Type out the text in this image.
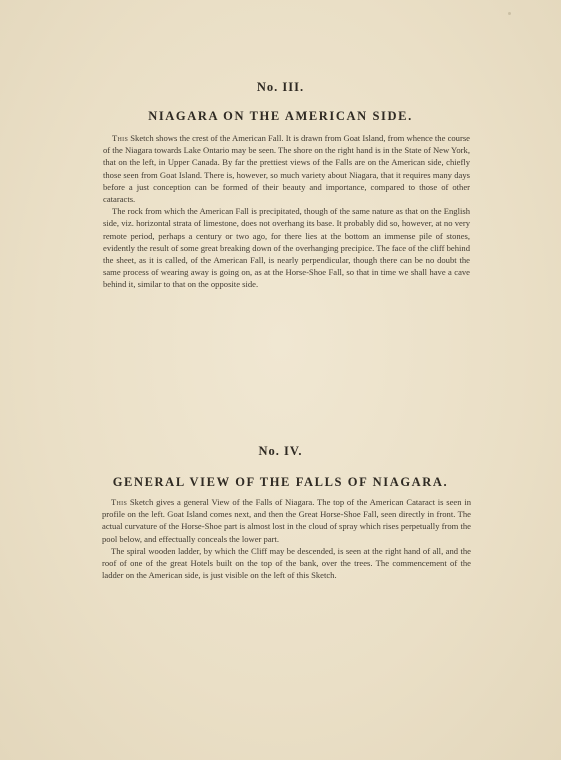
No. III.
NIAGARA ON THE AMERICAN SIDE.

This Sketch shows the crest of the American Fall. It is drawn from Goat Island, from whence the course of the Niagara towards Lake Ontario may be seen. The shore on the right hand is in the State of New York, that on the left, in Upper Canada. By far the prettiest views of the Falls are on the American side, chiefly those seen from Goat Island. There is, however, so much variety about Niagara, that it requires many days before a just conception can be formed of their beauty and importance, compared to those of other cataracts.

The rock from which the American Fall is precipitated, though of the same nature as that on the English side, viz. horizontal strata of limestone, does not overhang its base. It probably did so, however, at no very remote period, perhaps a century or two ago, for there lies at the bottom an immense pile of stones, evidently the result of some great breaking down of the overhanging precipice. The face of the cliff behind the sheet, as it is called, of the American Fall, is nearly perpendicular, though there can be no doubt the same process of wearing away is going on, as at the Horse-Shoe Fall, so that in time we shall have a cave behind it, similar to that on the opposite side.

No. IV.
GENERAL VIEW OF THE FALLS OF NIAGARA.

This Sketch gives a general View of the Falls of Niagara. The top of the American Cataract is seen in profile on the left. Goat Island comes next, and then the Great Horse-Shoe Fall, seen directly in front. The actual curvature of the Horse-Shoe part is almost lost in the cloud of spray which rises perpetually from the pool below, and effectually conceals the lower part.

The spiral wooden ladder, by which the Cliff may be descended, is seen at the right hand of all, and the roof of one of the great Hotels built on the top of the bank, over the trees. The commencement of the ladder on the American side, is just visible on the left of this Sketch.
